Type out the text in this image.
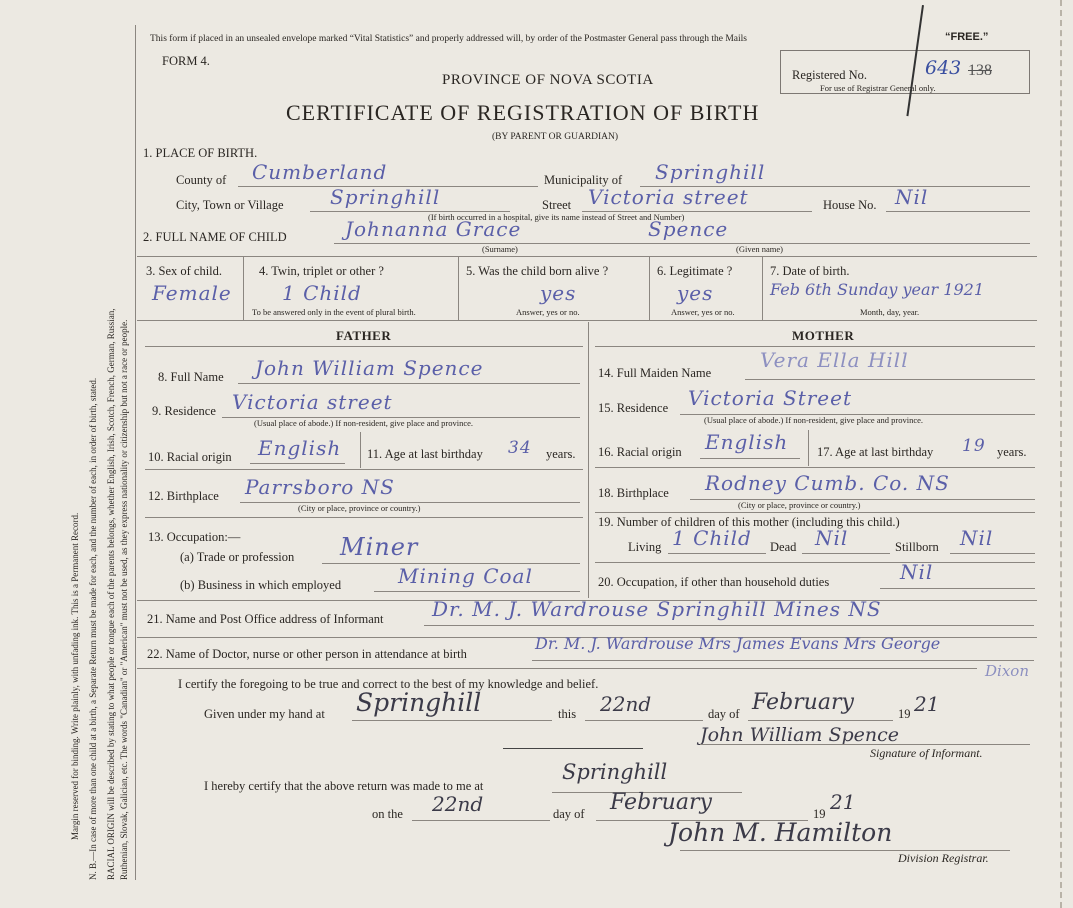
Margin reserved for binding. Write plainly, with unfading ink. This is a Permanent Record. N. B.—In case of more than one child at a birth, a Separate Return must be made for each, and the number of each, in order of birth, stated. RACIAL ORIGIN will be described by stating to what people or tongue each of the parents belongs, whether English, Irish, Scotch, French, German, Russian, Ruthenian, Slovak, Galician, etc. The words "Canadian" or "American" must not be used, as they express nationality or citizenship but not a race or people.
This form if placed in an unsealed envelope marked “Vital Statistics” and properly addressed will, by order of the Postmaster General pass through the Mails	“FREE.”
FORM 4.
PROVINCE OF NOVA SCOTIA
CERTIFICATE OF REGISTRATION OF BIRTH
(BY PARENT OR GUARDIAN)
Registered No.	643 138
For use of Registrar General only.
1. PLACE OF BIRTH.
County of Cumberland	Municipality of Springhill
City, Town or Village Springhill	Street Victoria street	House No. Nil
(If birth occurred in a hospital, give its name instead of Street and Number)
2. FULL NAME OF CHILD	Johnanna Grace	Spence
(Surname)	(Given name)
3. Sex of child.
Female
4. Twin, triplet or other ?
1 Child
To be answered only in the event of plural birth.
5. Was the child born alive ?
yes
Answer, yes or no.
6. Legitimate ?
yes
Answer, yes or no.
7. Date of birth.
Feb 6th Sunday year 1921
Month, day, year.
FATHER	MOTHER
8. Full Name John William Spence
9. Residence Victoria street
(Usual place of abode.) If non-resident, give place and province.
10. Racial origin English 11. Age at last birthday 34 years.
12. Birthplace Parrsboro NS
(City or place, province or country.)
13. Occupation:—
(a) Trade or profession Miner
(b) Business in which employed	Mining Coal
14. Full Maiden Name
Vera Ella Hill
15. Residence Victoria Street
(Usual place of abode.) If non-resident, give place and province.
16. Racial origin English 17. Age at last birthday 19 years.
18. Birthplace Rodney Cumb. Co. NS
(City or place, province or country.)
19. Number of children of this mother (including this child.)
Living 1 Child Dead Nil	Stillborn Nil
20. Occupation, if other than household duties	Nil
21. Name and Post Office address of Informant Dr. M. J. Wardrouse Springhill Mines NS
22. Name of Doctor, nurse or other person in attendance at birth
Dr. M. J. Wardrouse Mrs James Evans Mrs George
Dixon
I certify the foregoing to be true and correct to the best of my knowledge and belief.
Given under my hand at Springhill	this 22nd	day of February	19 21
John William Spence
Signature of Informant.
I hereby certify that the above return was made to me at
Springhill
on the 22nd	day of February	19 21
John M. Hamilton
Division Registrar.
